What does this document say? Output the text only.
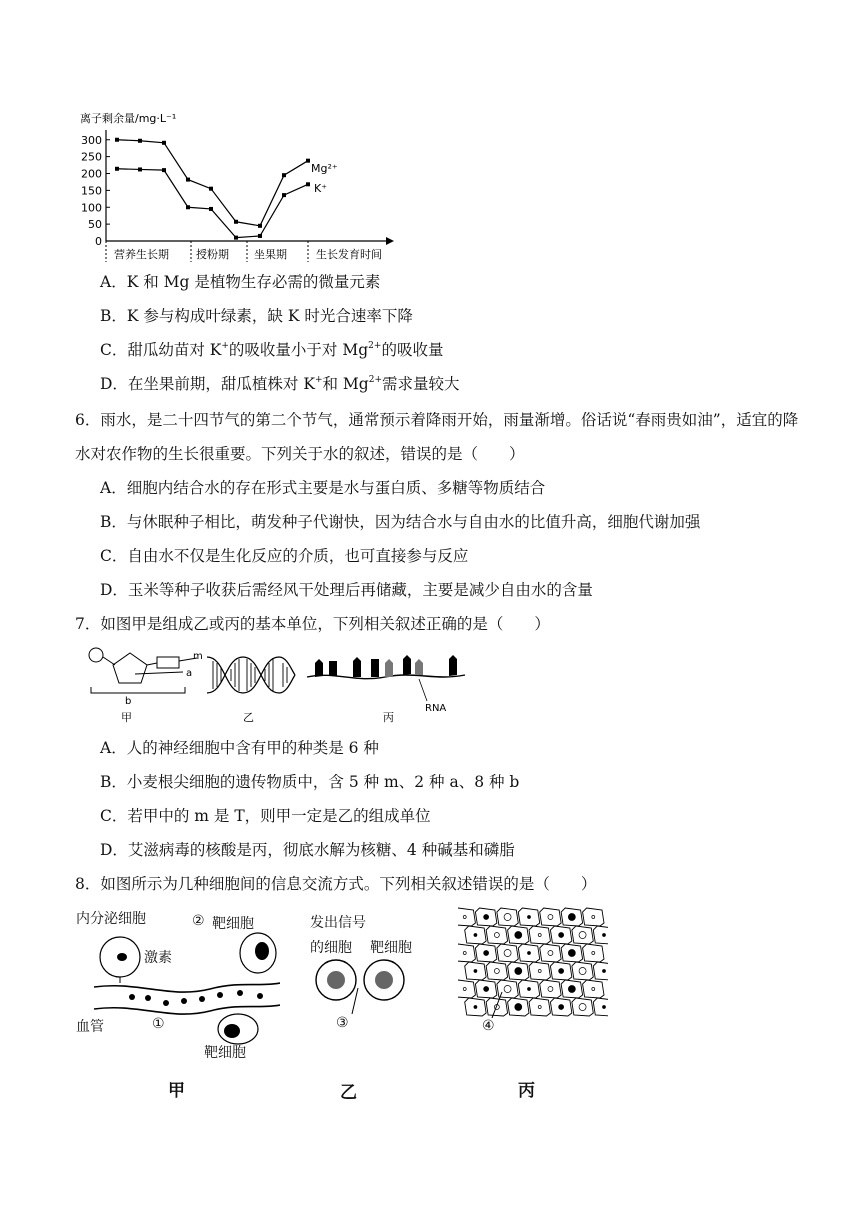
离子剩余量/mg·L⁻¹
300
250
200
150
100
50
0
营养生长期 授粉期 坐果期	生长发育时间
Mg²⁺
K⁺
A．K 和 Mg 是植物生存必需的微量元素
B．K 参与构成叶绿素，缺 K 时光合速率下降
C．甜瓜幼苗对 K+的吸收量小于对 $Mg^{2+}$的吸收量
D．在坐果前期，甜瓜植株对 K+和 $Mg^{2+}$需求量较大
6．雨水，是二十四节气的第二个节气，通常预示着降雨开始，雨量渐增。俗话说“春雨贵如油”，适宜的降
水对农作物的生长很重要。下列关于水的叙述，错误的是（　　）
A．细胞内结合水的存在形式主要是水与蛋白质、多糖等物质结合
B．与休眠种子相比，萌发种子代谢快，因为结合水与自由水的比值升高，细胞代谢加强
C．自由水不仅是生化反应的介质，也可直接参与反应
D．玉米等种子收获后需经风干处理后再储藏，主要是减少自由水的含量
7．如图甲是组成乙或丙的基本单位，下列相关叙述正确的是（　　）
m
a
b
甲	乙
RNA
丙
A．人的神经细胞中含有甲的种类是 6 种
B．小麦根尖细胞的遗传物质中，含 5 种 m、2 种 a、8 种 b
C．若甲中的 m 是 T，则甲一定是乙的组成单位
D．艾滋病毒的核酸是丙，彻底水解为核糖、4 种碱基和磷脂
8．如图所示为几种细胞间的信息交流方式。下列相关叙述错误的是（　　）
内分泌细胞	② 靶细胞
激素
血管	①
靶细胞
发出信号
的细胞 靶细胞
③	④
甲	乙	丙
